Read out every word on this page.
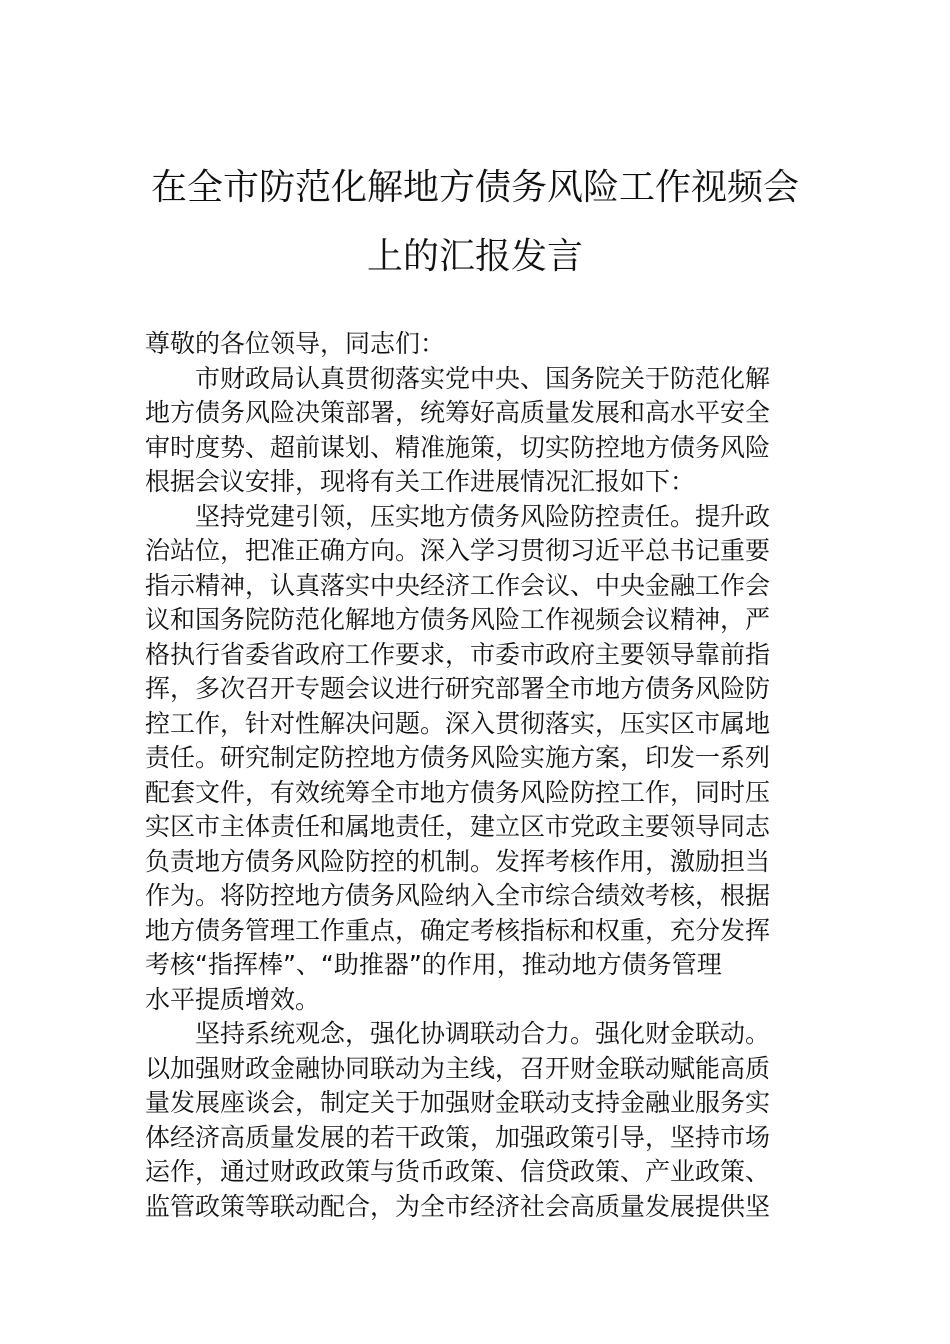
在全市防范化解地方债务风险工作视频会
上的汇报发言
尊敬的各位领导，同志们：
市财政局认真贯彻落实党中央、国务院关于防范化解
地方债务风险决策部署，统筹好高质量发展和高水平安全
审时度势、超前谋划、精准施策，切实防控地方债务风险
根据会议安排，现将有关工作进展情况汇报如下：
坚持党建引领，压实地方债务风险防控责任。提升政
治站位，把准正确方向。深入学习贯彻习近平总书记重要
指示精神，认真落实中央经济工作会议、中央金融工作会
议和国务院防范化解地方债务风险工作视频会议精神，严
格执行省委省政府工作要求，市委市政府主要领导靠前指
挥，多次召开专题会议进行研究部署全市地方债务风险防
控工作，针对性解决问题。深入贯彻落实，压实区市属地
责任。研究制定防控地方债务风险实施方案，印发一系列
配套文件，有效统筹全市地方债务风险防控工作，同时压
实区市主体责任和属地责任，建立区市党政主要领导同志
负责地方债务风险防控的机制。发挥考核作用，激励担当
作为。将防控地方债务风险纳入全市综合绩效考核，根据
地方债务管理工作重点，确定考核指标和权重，充分发挥
考核“指挥棒”、“助推器”的作用，推动地方债务管理
水平提质增效。
坚持系统观念，强化协调联动合力。强化财金联动。
以加强财政金融协同联动为主线，召开财金联动赋能高质
量发展座谈会，制定关于加强财金联动支持金融业服务实
体经济高质量发展的若干政策，加强政策引导，坚持市场
运作，通过财政政策与货币政策、信贷政策、产业政策、
监管政策等联动配合，为全市经济社会高质量发展提供坚
